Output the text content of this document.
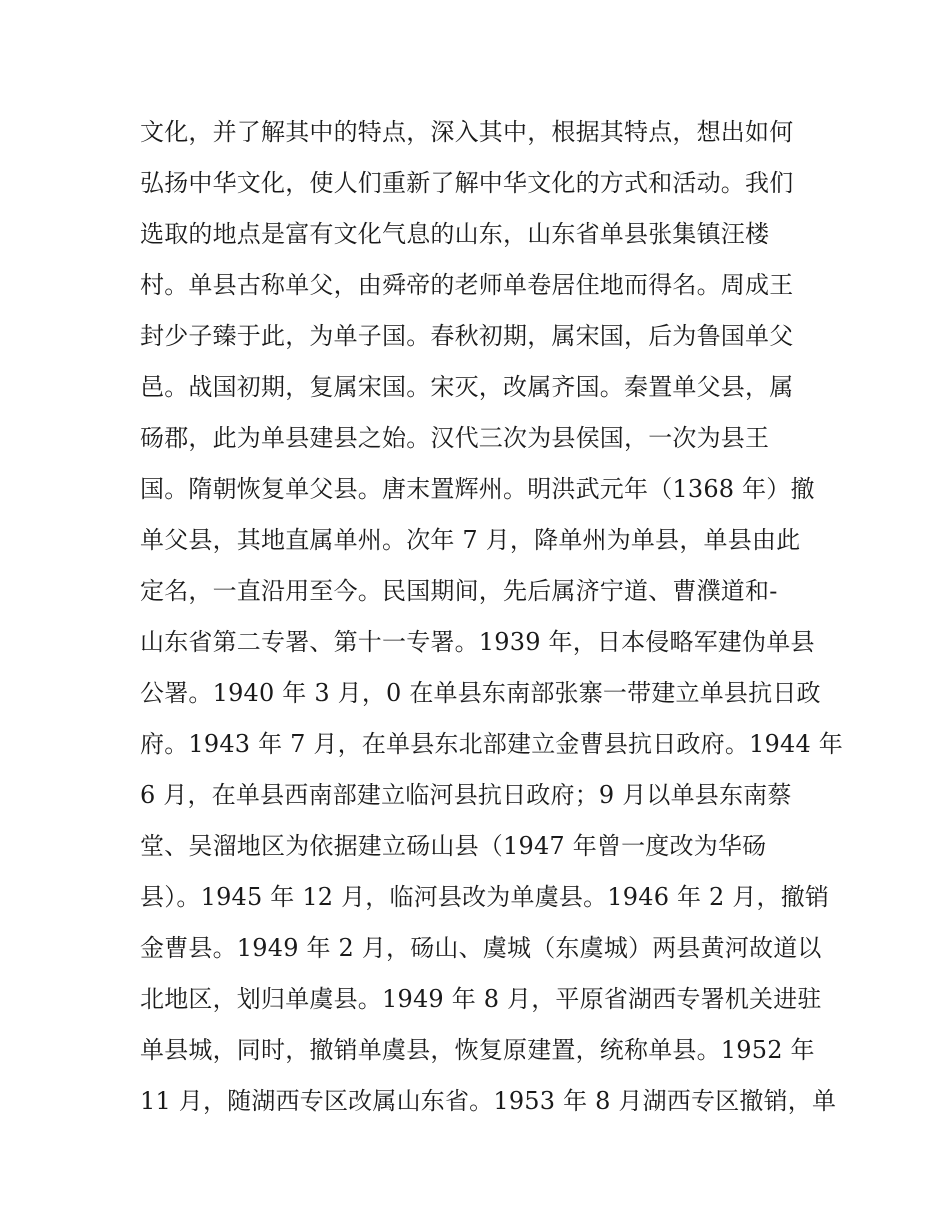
文化，并了解其中的特点，深入其中，根据其特点，想出如何
弘扬中华文化，使人们重新了解中华文化的方式和活动。我们
选取的地点是富有文化气息的山东，山东省单县张集镇汪楼
村。单县古称单父，由舜帝的老师单卷居住地而得名。周成王
封少子臻于此，为单子国。春秋初期，属宋国，后为鲁国单父
邑。战国初期，复属宋国。宋灭，改属齐国。秦置单父县，属
砀郡，此为单县建县之始。汉代三次为县侯国，一次为县王
国。隋朝恢复单父县。唐末置辉州。明洪武元年（1368 年）撤
单父县，其地直属单州。次年 7 月，降单州为单县，单县由此
定名，一直沿用至今。民国期间，先后属济宁道、曹濮道和-
山东省第二专署、第十一专署。1939 年，日本侵略军建伪单县
公署。1940 年 3 月，0 在单县东南部张寨一带建立单县抗日政
府。1943 年 7 月，在单县东北部建立金曹县抗日政府。1944 年
6 月，在单县西南部建立临河县抗日政府；9 月以单县东南蔡
堂、吴溜地区为依据建立砀山县（1947 年曾一度改为华砀
县）。1945 年 12 月，临河县改为单虞县。1946 年 2 月，撤销
金曹县。1949 年 2 月，砀山、虞城（东虞城）两县黄河故道以
北地区，划归单虞县。1949 年 8 月，平原省湖西专署机关进驻
单县城，同时，撤销单虞县，恢复原建置，统称单县。1952 年
11 月，随湖西专区改属山东省。1953 年 8 月湖西专区撤销，单
